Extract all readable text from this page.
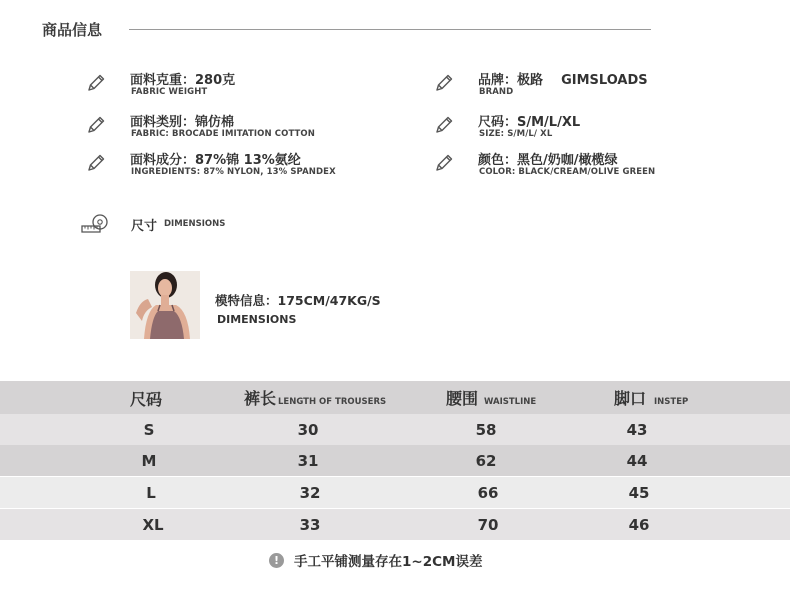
商品信息
面料克重：280克
FABRIC WEIGHT
面料类别：锦仿棉
FABRIC: BROCADE IMITATION COTTON
面料成分：87%锦 13%氨纶
INGREDIENTS: 87% NYLON, 13% SPANDEX
品牌：极路    GIMSLOADS
BRAND
尺码：S/M/L/XL
SIZE: S/M/L/ XL
颜色：黑色/奶咖/橄榄绿
COLOR: BLACK/CREAM/OLIVE GREEN
尺寸 DIMENSIONS
模特信息：175CM/47KG/S
DIMENSIONS
尺码	裤长 LENGTH OF TROUSERS	腰围 WAISTLINE	脚口 INSTEP
S	30	58	43
M	31	62	44
L	32	66	45
XL	33	70	46
!	手工平铺测量存在1~2CM误差
